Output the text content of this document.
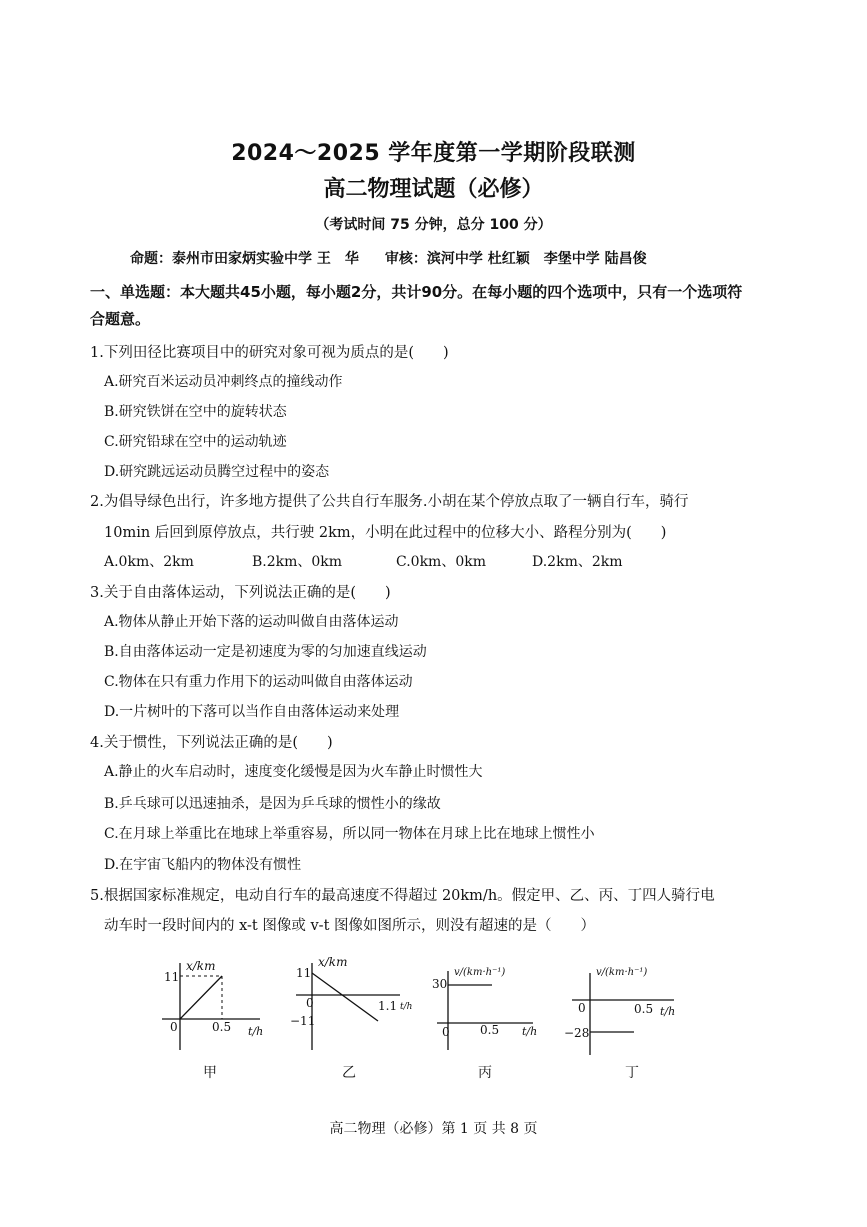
2024～2025 学年度第一学期阶段联测
高二物理试题（必修）
（考试时间 75 分钟，总分 100 分）
命题：泰州市田家炳实验中学 王　华 审核：滨河中学 杜红颖　李堡中学 陆昌俊
一、单选题：本大题共45小题，每小题2分，共计90分。在每小题的四个选项中，只有一个选项符
合题意。
1.下列田径比赛项目中的研究对象可视为质点的是(　　)
A.研究百米运动员冲刺终点的撞线动作
B.研究铁饼在空中的旋转状态
C.研究铅球在空中的运动轨迹
D.研究跳远运动员腾空过程中的姿态
2.为倡导绿色出行，许多地方提供了公共自行车服务.小胡在某个停放点取了一辆自行车，骑行
10min 后回到原停放点，共行驶 2km，小明在此过程中的位移大小、路程分别为(　　)
A.0km、2km	B.2km、0km	C.0km、0km	D.2km、2km
3.关于自由落体运动，下列说法正确的是(　　)
A.物体从静止开始下落的运动叫做自由落体运动
B.自由落体运动一定是初速度为零的匀加速直线运动
C.物体在只有重力作用下的运动叫做自由落体运动
D.一片树叶的下落可以当作自由落体运动来处理
4.关于惯性，下列说法正确的是(　　)
A.静止的火车启动时，速度变化缓慢是因为火车静止时惯性大
B.乒乓球可以迅速抽杀，是因为乒乓球的惯性小的缘故
C.在月球上举重比在地球上举重容易，所以同一物体在月球上比在地球上惯性小
D.在宇宙飞船内的物体没有惯性
5.根据国家标准规定，电动自行车的最高速度不得超过 20km/h。假定甲、乙、丙、丁四人骑行电
动车时一段时间内的 x-t 图像或 v-t 图像如图所示，则没有超速的是（　　）
x/km
11
0	0.5 t/h
x/km
11
0
−11
1.1 t/h
v/(km·h⁻¹)
30
0	0.5 t/h
v/(km·h⁻¹)
0	0.5 t/h
−28
甲	乙	丙	丁
高二物理（必修）第 1 页 共 8 页
